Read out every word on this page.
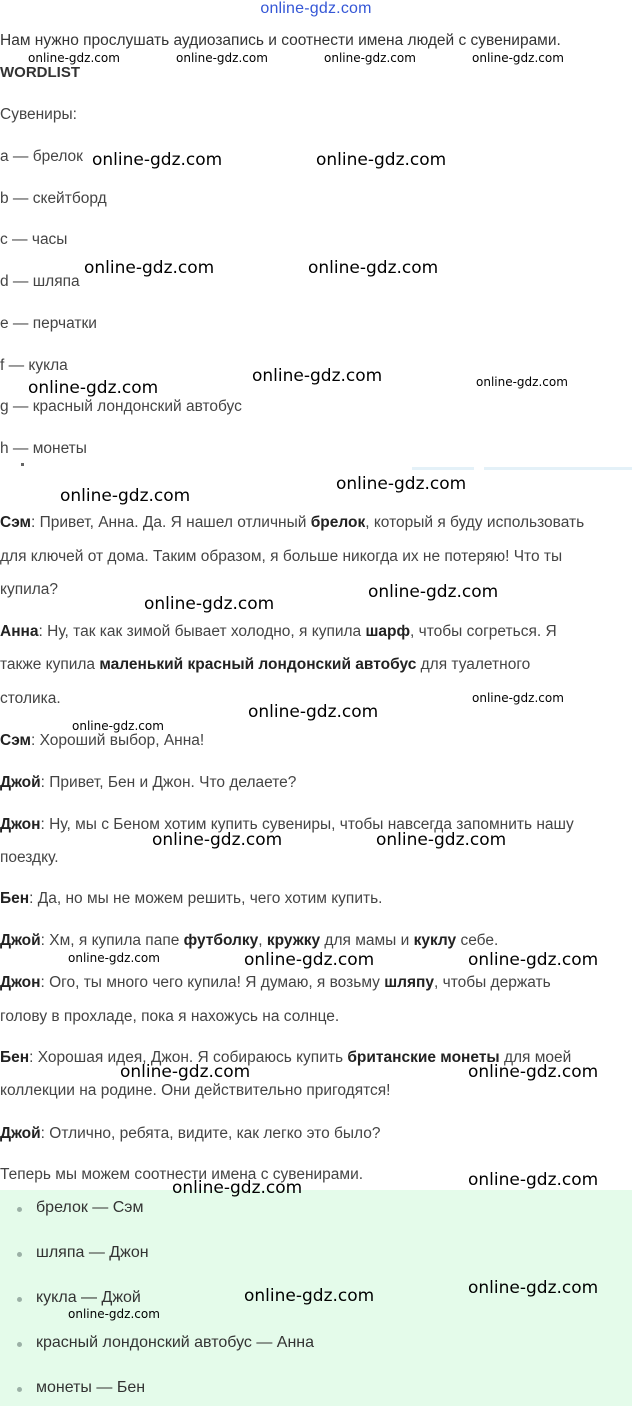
online-gdz.com
Нам нужно прослушать аудиозапись и соотнести имена людей с сувенирами.
WORDLIST
Сувениры:
a — брелок
b — скейтборд
c — часы
d — шляпа
e — перчатки
f — кукла
g — красный лондонский автобус
h — монеты
Сэм: Привет, Анна. Да. Я нашел отличный брелок, который я буду использовать
для ключей от дома. Таким образом, я больше никогда их не потеряю! Что ты
купила?
Анна: Ну, так как зимой бывает холодно, я купила шарф, чтобы согреться. Я
также купила маленький красный лондонский автобус для туалетного
столика.
Сэм: Хороший выбор, Анна!
Джой: Привет, Бен и Джон. Что делаете?
Джон: Ну, мы с Беном хотим купить сувениры, чтобы навсегда запомнить нашу
поездку.
Бен: Да, но мы не можем решить, чего хотим купить.
Джой: Хм, я купила папе футболку, кружку для мамы и куклу себе.
Джон: Ого, ты много чего купила! Я думаю, я возьму шляпу, чтобы держать
голову в прохладе, пока я нахожусь на солнце.
Бен: Хорошая идея, Джон. Я собираюсь купить британские монеты для моей
коллекции на родине. Они действительно пригодятся!
Джой: Отлично, ребята, видите, как легко это было?
Теперь мы можем соотнести имена с сувенирами.
брелок — Сэм
шляпа — Джон
кукла — Джой
красный лондонский автобус — Анна
монеты — Бен
online-gdz.com	online-gdz.com	online-gdz.com	online-gdz.com
online-gdz.com	online-gdz.com
online-gdz.com	online-gdz.com
online-gdz.com
online-gdz.com	online-gdz.com
online-gdz.com
online-gdz.com
online-gdz.com
online-gdz.com
online-gdz.com
online-gdz.com
online-gdz.com
online-gdz.com	online-gdz.com
online-gdz.com	online-gdz.com	online-gdz.com
online-gdz.com	online-gdz.com
online-gdz.com	online-gdz.com
online-gdz.com
online-gdz.com
online-gdz.com
